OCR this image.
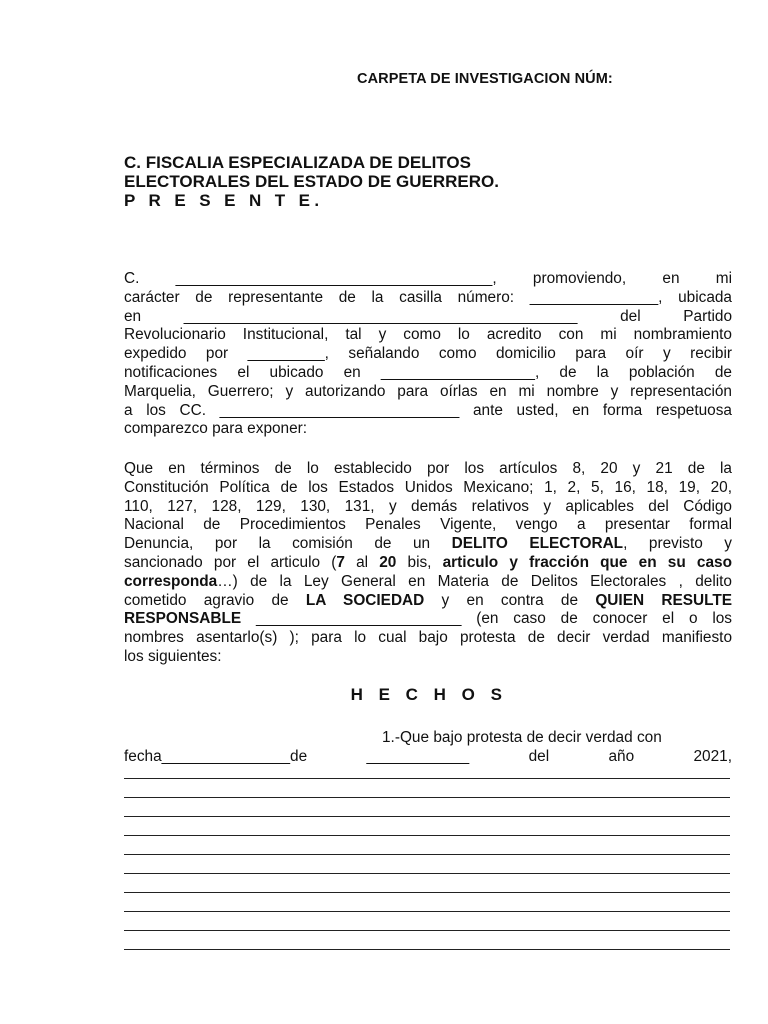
CARPETA DE INVESTIGACION NÚM:
C. FISCALIA ESPECIALIZADA DE DELITOS
ELECTORALES DEL ESTADO DE GUERRERO.
P R E S E N T E.
C. _____________________________________, promoviendo, en mi
carácter de representante de la casilla número: _______________, ubicada
en	______________________________________________	del	Partido
Revolucionario Institucional, tal y como lo acredito con mi nombramiento
expedido por _________, señalando como domicilio para oír y recibir
notificaciones el ubicado en __________________, de la población de
Marquelia, Guerrero; y autorizando para oírlas en mi nombre y representación
a los CC. ____________________________ ante usted, en forma respetuosa
comparezco para exponer:
Que en términos de lo establecido por los artículos 8, 20 y 21 de la
Constitución Política de los Estados Unidos Mexicano; 1, 2, 5, 16, 18, 19, 20,
110, 127, 128, 129, 130, 131, y demás relativos y aplicables del Código
Nacional de Procedimientos Penales Vigente, vengo a presentar formal
Denuncia, por la comisión de un DELITO ELECTORAL, previsto y
sancionado por el articulo (7 al 20 bis, articulo y fracción que en su caso
corresponda…) de la Ley General en Materia de Delitos Electorales , delito
cometido agravio de LA SOCIEDAD y en contra de QUIEN RESULTE
RESPONSABLE ________________________ (en caso de conocer el o los
nombres asentarlo(s) ); para lo cual bajo protesta de decir verdad manifiesto
los siguientes:
H E C H O S
1.-Que bajo protesta de decir verdad con
fecha_______________de	____________	del	año	2021,
